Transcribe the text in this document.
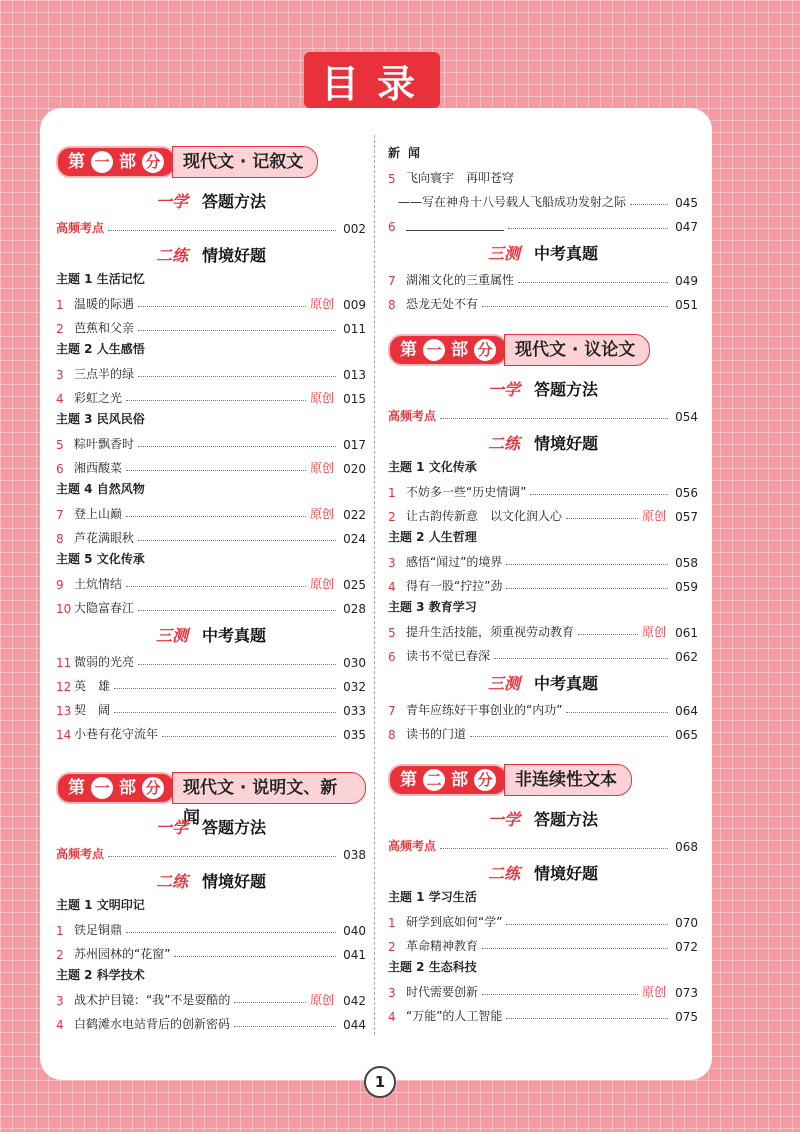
目录
第 一 部 分	现代文 · 记叙文
一学 答题方法
高频考点	002
二练 情境好题
主题 1 生活记忆
1 温暖的际遇	原创 009
2 芭蕉和父亲	011
主题 2 人生感悟
3 三点半的绿	013
4 彩虹之光	原创 015
主题 3 民风民俗
5 粽叶飘香时	017
6 湘西酸菜	原创 020
主题 4 自然风物
7 登上山巅	原创 022
8 芦花满眼秋	024
主题 5 文化传承
9 土炕情结	原创 025
10 大隐富春江	028
三测 中考真题
11 微弱的光亮	030
12 英　雄	032
13 契　阔	033
14 小巷有花守流年	035
第 一 部 分	现代文 · 说明文、新闻
一学 答题方法
高频考点	038
二练 情境好题
主题 1 文明印记
1 铁足铜鼎	040
2 苏州园林的“花窗”	041
主题 2 科学技术
3 战术护目镜：“我”不是耍酷的	原创 042
4 白鹤滩水电站背后的创新密码	044
新闻
5 飞向寰宇　再叩苍穹
——写在神舟十八号载人飞船成功发射之际	045
6	047
三测 中考真题
7 湖湘文化的三重属性	049
8 恐龙无处不有	051
第 一 部 分	现代文 · 议论文
一学 答题方法
高频考点	054
二练 情境好题
主题 1 文化传承
1 不妨多一些“历史情调”	056
2 让古韵传新意　以文化润人心	原创 057
主题 2 人生哲理
3 感悟“闻过”的境界	058
4 得有一股“拧拉”劲	059
主题 3 教育学习
5 提升生活技能，须重视劳动教育	原创 061
6 读书不觉已春深	062
三测 中考真题
7 青年应练好干事创业的“内功”	064
8 读书的门道	065
第 二 部 分	非连续性文本
一学 答题方法
高频考点	068
二练 情境好题
主题 1 学习生活
1 研学到底如何“学”	070
2 革命精神教育	072
主题 2 生态科技
3 时代需要创新	原创 073
4 “万能”的人工智能	075
1
